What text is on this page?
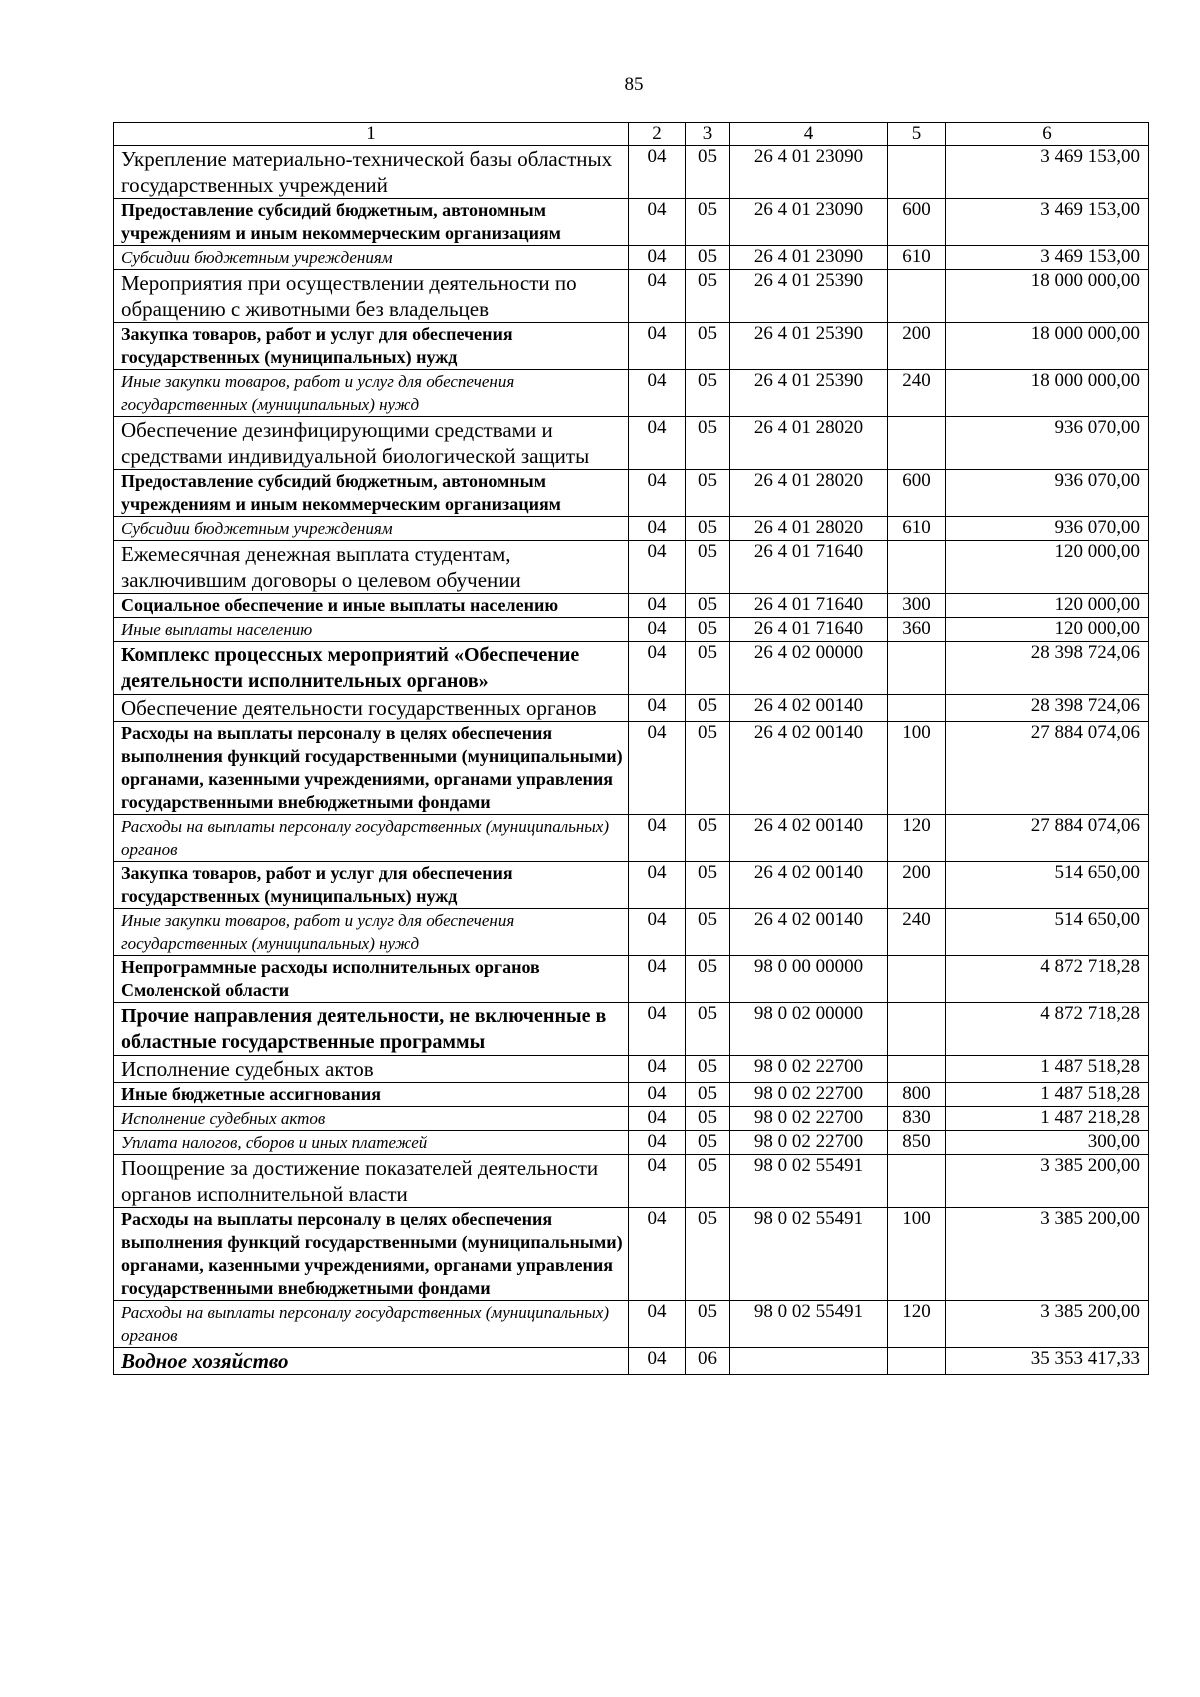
85
1	2	3	4	5	6
Укрепление материально-технической базы областных государственных учреждений	04	05	26 4 01 23090		3 469 153,00
Предоставление субсидий бюджетным, автономным учреждениям и иным некоммерческим организациям	04	05	26 4 01 23090	600	3 469 153,00
Субсидии бюджетным учреждениям	04	05	26 4 01 23090	610	3 469 153,00
Мероприятия при осуществлении деятельности по обращению с животными без владельцев	04	05	26 4 01 25390		18 000 000,00
Закупка товаров, работ и услуг для обеспечения государственных (муниципальных) нужд	04	05	26 4 01 25390	200	18 000 000,00
Иные закупки товаров, работ и услуг для обеспечения государственных (муниципальных) нужд	04	05	26 4 01 25390	240	18 000 000,00
Обеспечение дезинфицирующими средствами и средствами индивидуальной биологической защиты	04	05	26 4 01 28020		936 070,00
Предоставление субсидий бюджетным, автономным учреждениям и иным некоммерческим организациям	04	05	26 4 01 28020	600	936 070,00
Субсидии бюджетным учреждениям	04	05	26 4 01 28020	610	936 070,00
Ежемесячная денежная выплата студентам, заключившим договоры о целевом обучении	04	05	26 4 01 71640		120 000,00
Социальное обеспечение и иные выплаты населению	04	05	26 4 01 71640	300	120 000,00
Иные выплаты населению	04	05	26 4 01 71640	360	120 000,00
Комплекс процессных мероприятий «Обеспечение деятельности исполнительных органов»	04	05	26 4 02 00000		28 398 724,06
Обеспечение деятельности государственных органов	04	05	26 4 02 00140		28 398 724,06
Расходы на выплаты персоналу в целях обеспечения выполнения функций государственными (муниципальными) органами, казенными учреждениями, органами управления государственными внебюджетными фондами	04	05	26 4 02 00140	100	27 884 074,06
Расходы на выплаты персоналу государственных (муниципальных) органов	04	05	26 4 02 00140	120	27 884 074,06
Закупка товаров, работ и услуг для обеспечения государственных (муниципальных) нужд	04	05	26 4 02 00140	200	514 650,00
Иные закупки товаров, работ и услуг для обеспечения государственных (муниципальных) нужд	04	05	26 4 02 00140	240	514 650,00
Непрограммные расходы исполнительных органов Смоленской области	04	05	98 0 00 00000		4 872 718,28
Прочие направления деятельности, не включенные в областные государственные программы	04	05	98 0 02 00000		4 872 718,28
Исполнение судебных актов	04	05	98 0 02 22700		1 487 518,28
Иные бюджетные ассигнования	04	05	98 0 02 22700	800	1 487 518,28
Исполнение судебных актов	04	05	98 0 02 22700	830	1 487 218,28
Уплата налогов, сборов и иных платежей	04	05	98 0 02 22700	850	300,00
Поощрение за достижение показателей деятельности органов исполнительной власти	04	05	98 0 02 55491		3 385 200,00
Расходы на выплаты персоналу в целях обеспечения выполнения функций государственными (муниципальными) органами, казенными учреждениями, органами управления государственными внебюджетными фондами	04	05	98 0 02 55491	100	3 385 200,00
Расходы на выплаты персоналу государственных (муниципальных) органов	04	05	98 0 02 55491	120	3 385 200,00
Водное хозяйство	04	06			35 353 417,33
